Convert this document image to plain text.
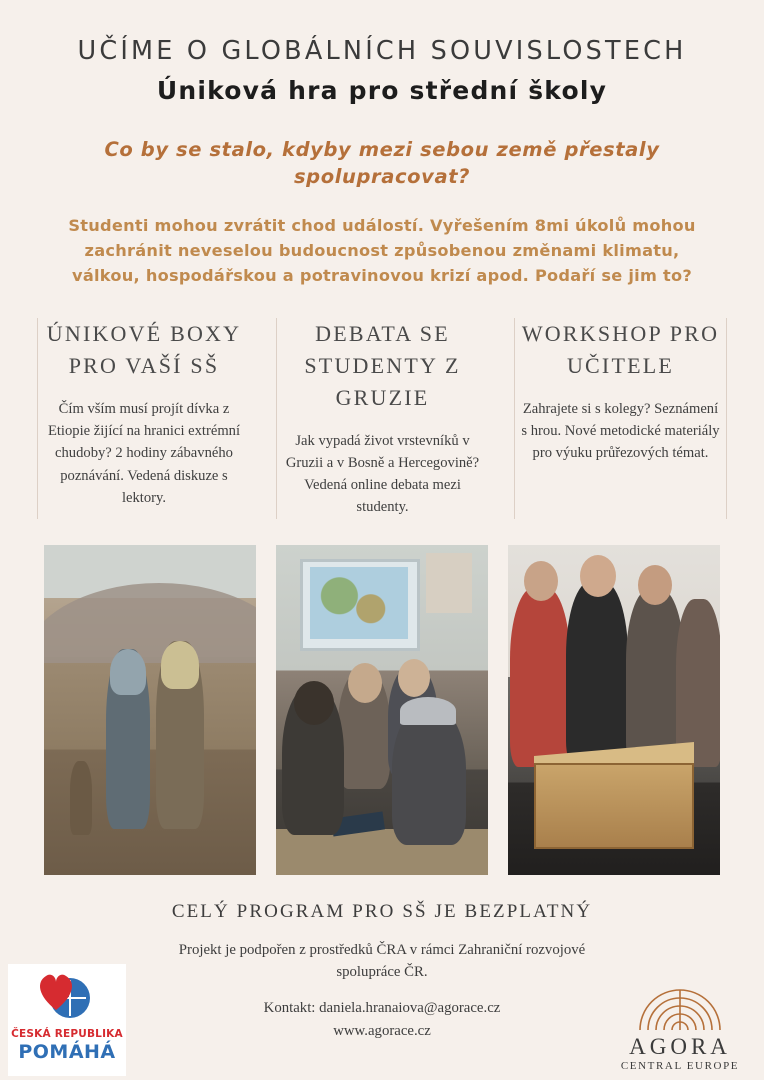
UČÍME O GLOBÁLNÍCH SOUVISLOSTECH
Úniková hra pro střední školy
Co by se stalo, kdyby mezi sebou země přestaly spolupracovat?
Studenti mohou zvrátit chod událostí. Vyřešením 8mi úkolů mohou zachránit neveselou budoucnost způsobenou změnami klimatu, válkou, hospodářskou a potravinovou krizí apod. Podaří se jim to?
ÚNIKOVÉ BOXY PRO VAŠÍ SŠ
Čím vším musí projít dívka z Etiopie žijící na hranici extrémní chudoby? 2 hodiny zábavného poznávání. Vedená diskuze s lektory.
DEBATA SE STUDENTY Z GRUZIE
Jak vypadá život vrstevníků v Gruzii a v Bosně a Hercegovině? Vedená online debata mezi studenty.
WORKSHOP PRO UČITELE
Zahrajete si s kolegy? Seznámení s hrou. Nové metodické materiály pro výuku průřezových témat.
CELÝ PROGRAM PRO SŠ JE BEZPLATNÝ
Projekt je podpořen z prostředků ČRA v rámci Zahraniční rozvojové spolupráce ČR.
Kontakt: daniela.hranaiova@agorace.cz
www.agorace.cz
ČESKÁ REPUBLIKA
POMÁHÁ	AGORA
CENTRAL EUROPE
